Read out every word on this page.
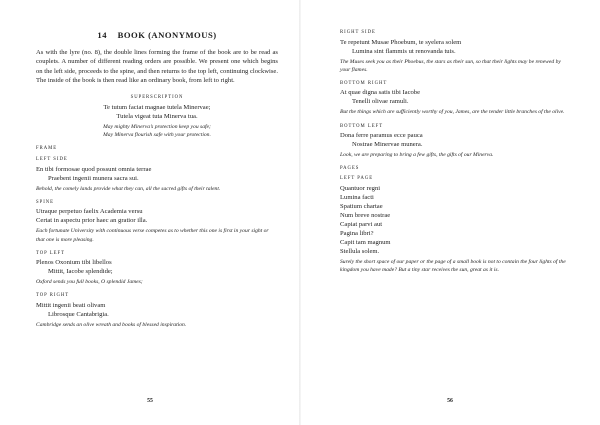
14 BOOK (ANONYMOUS)

As with the lyre (no. 8), the double lines forming the frame of the book are to be read as couplets. A number of different reading orders are possible. We present one which begins on the left side, proceeds to the spine, and then returns to the top left, continuing clockwise. The inside of the book is then read like an ordinary book, from left to right.

SUPERSCRIPTION
Te tutum faciat magnae tutela Minervae;
Tutela vigeat tuta Minerva tua.
May mighty Minerva’s protection keep you safe;
May Minerva flourish safe with your protection.
FRAME
LEFT SIDE
En tibi formosae quod possunt omnia terrae
Praebent ingenii munera sacra sui.

Behold, the comely lands provide what they can, all the sacred gifts of their talent.

SPINE
Utraque perpetuo faelix Academia versu
Certat in aspectu prior haec an gratior illa.

Each fortunate University with continuous verse competes as to whether this one is first in your sight or that one is more pleasing.

TOP LEFT
Plenos Oxonium tibi libellos
Mittit, Iacobe splendide;

Oxford sends you full books, O splendid James;

TOP RIGHT
Mittit ingenii beati olivam
Librosque Cantabrigia.

Cambridge sends an olive wreath and books of blessed inspiration.

55
RIGHT SIDE
Te repetunt Musae Phoebum, te syelera solem
Lumina sint flammis ut renovanda tuis.

The Muses seek you as their Phoebus, the stars as their sun, so that their lights may be renewed by your flames.

BOTTOM RIGHT
At quae digna satis tibi Iacobe
Tenelli olivae ramuli.

But the things which are sufficiently worthy of you, James, are the tender little branches of the olive.

BOTTOM LEFT
Dona ferre paramus ecce pauca
Nostrae Minervae munera.

Look, we are preparing to bring a few gifts, the gifts of our Minerva.

PAGES
LEFT PAGE
Quantuor regni
Lumina facti
Spatium chartae
Num breve nostrae
Capiat parvi aut
Pagina libri?
Capit tam magnum
Stellula solem.

Surely the short space of our paper or the page of a small book is not to contain the four lights of the kingdom you have made? But a tiny star receives the sun, great as it is.

56
